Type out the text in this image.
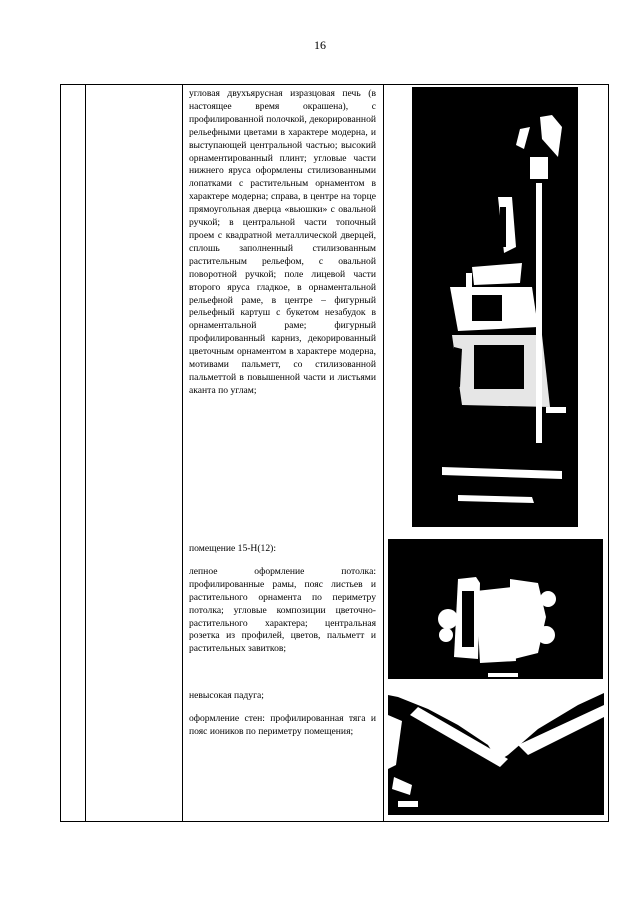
16

угловая двухъярусная изразцовая печь (в настоящее время окрашена), с профилированной полочкой, декорированной рельефными цветами в характере модерна, и выступающей центральной частью; высокий орнаментированный плинт; угловые части нижнего яруса оформлены стилизованными лопатками с растительным орнаментом в характере модерна; справа, в центре на торце прямоугольная дверца «вьюшки» с овальной ручкой; в центральной части топочный проем с квадратной металлической дверцей, сплошь заполненный стилизованным растительным рельефом, с овальной поворотной ручкой; поле лицевой части второго яруса гладкое, в орнаментальной рельефной раме, в центре – фигурный рельефный картуш с букетом незабудок в орнаментальной раме; фигурный профилированный карниз, декорированный цветочным орнаментом в характере модерна, мотивами пальметт, со стилизованной пальметтой в повышенной части и листьями аканта по углам;

помещение 15-Н(12):

лепное оформление потолка: профилированные рамы, пояс листьев и растительного орнамента по периметру потолка; угловые композиции цветочно-растительного характера; центральная розетка из профилей, цветов, пальметт и растительных завитков;

невысокая падуга;

оформление стен: профилированная тяга и пояс иоников по периметру помещения;
